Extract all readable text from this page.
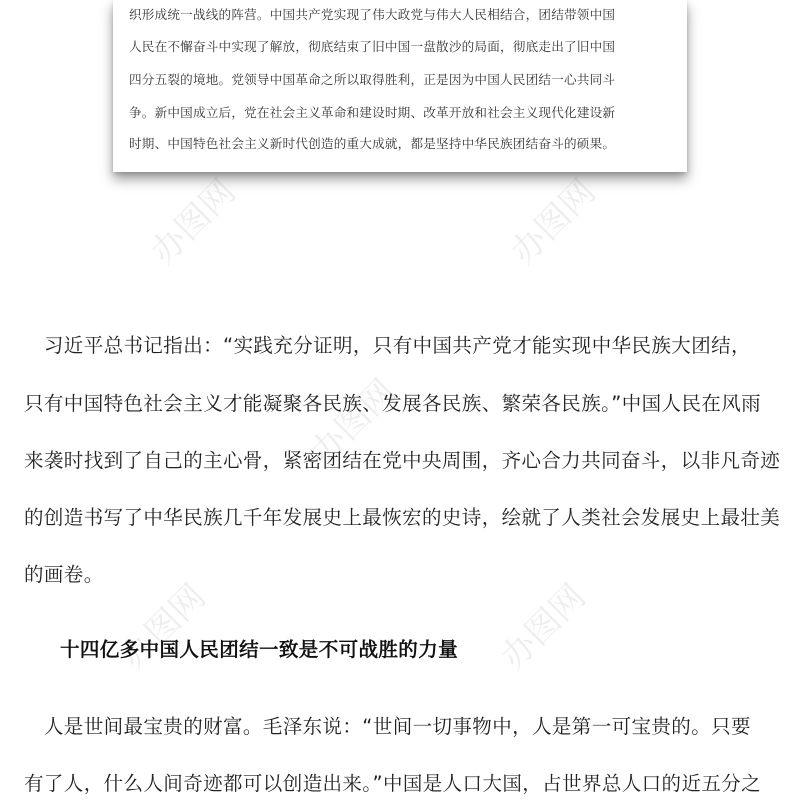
办图网	办图网
办图网
办图网	办图网
织形成统一战线的阵营。中国共产党实现了伟大政党与伟大人民相结合，团结带领中国
人民在不懈奋斗中实现了解放，彻底结束了旧中国一盘散沙的局面，彻底走出了旧中国
四分五裂的境地。党领导中国革命之所以取得胜利，正是因为中国人民团结一心共同斗
争。新中国成立后，党在社会主义革命和建设时期、改革开放和社会主义现代化建设新
时期、中国特色社会主义新时代创造的重大成就，都是坚持中华民族团结奋斗的硕果。
　习近平总书记指出：“实践充分证明，只有中国共产党才能实现中华民族大团结，
只有中国特色社会主义才能凝聚各民族、发展各民族、繁荣各民族。”中国人民在风雨
来袭时找到了自己的主心骨，紧密团结在党中央周围，齐心合力共同奋斗，以非凡奇迹
的创造书写了中华民族几千年发展史上最恢宏的史诗，绘就了人类社会发展史上最壮美
的画卷。
十四亿多中国人民团结一致是不可战胜的力量
　人是世间最宝贵的财富。毛泽东说：“世间一切事物中，人是第一可宝贵的。只要
有了人，什么人间奇迹都可以创造出来。”中国是人口大国，占世界总人口的近五分之
